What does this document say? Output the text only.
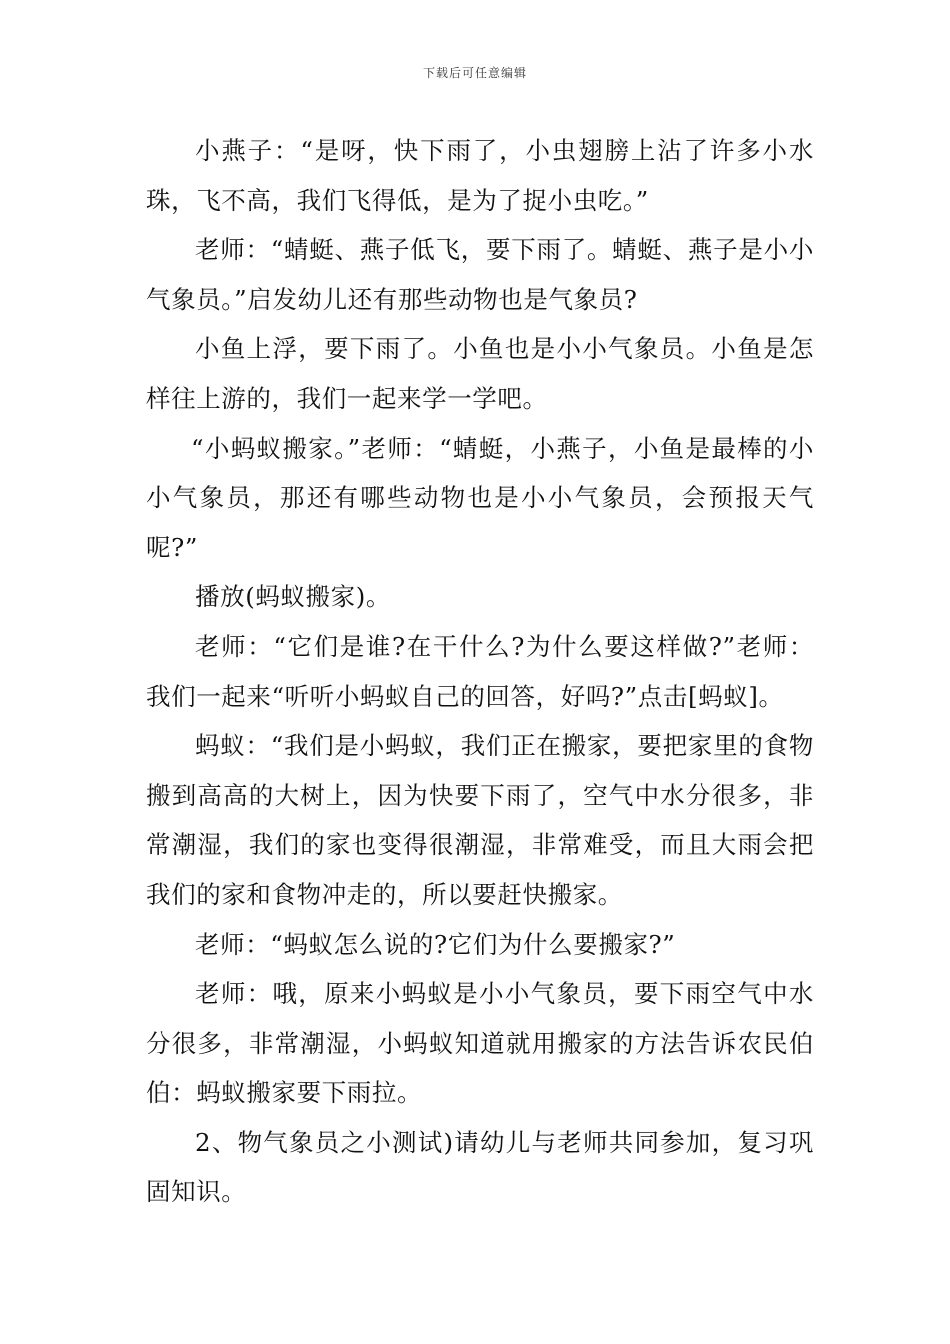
下载后可任意编辑

小燕子：“是呀，快下雨了，小虫翅膀上沾了许多小水珠，飞不高，我们飞得低，是为了捉小虫吃。”

老师：“蜻蜓、燕子低飞，要下雨了。蜻蜓、燕子是小小气象员。”启发幼儿还有那些动物也是气象员?

小鱼上浮，要下雨了。小鱼也是小小气象员。小鱼是怎样往上游的，我们一起来学一学吧。

“小蚂蚁搬家。”老师：“蜻蜓，小燕子，小鱼是最棒的小小气象员，那还有哪些动物也是小小气象员，会预报天气呢?”

播放(蚂蚁搬家)。

老师：“它们是谁?在干什么?为什么要这样做?”老师：我们一起来“听听小蚂蚁自己的回答，好吗?”点击[蚂蚁]。

蚂蚁：“我们是小蚂蚁，我们正在搬家，要把家里的食物搬到高高的大树上，因为快要下雨了，空气中水分很多，非常潮湿，我们的家也变得很潮湿，非常难受，而且大雨会把我们的家和食物冲走的，所以要赶快搬家。

老师：“蚂蚁怎么说的?它们为什么要搬家?”

老师：哦，原来小蚂蚁是小小气象员，要下雨空气中水分很多，非常潮湿，小蚂蚁知道就用搬家的方法告诉农民伯伯：蚂蚁搬家要下雨拉。

2、物气象员之小测试)请幼儿与老师共同参加，复习巩固知识。
